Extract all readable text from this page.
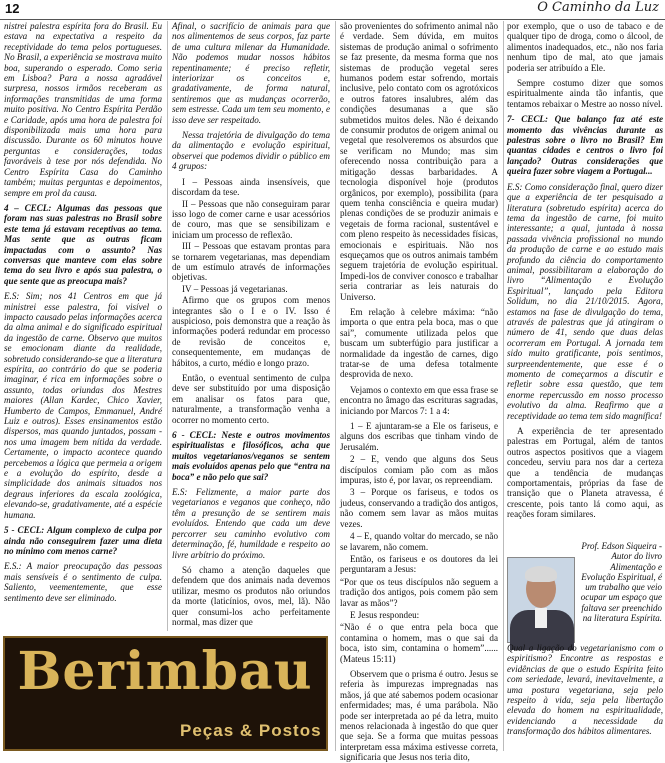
12	O Caminho da Luz

nistrei palestra espírita fora do Brasil. Eu estava na expectativa a respeito da receptividade do tema pelos portugueses. No Brasil, a experiência se mostrava muito boa, superando o esperado. Como seria em Lisboa? Para a nossa agradável surpresa, nossos irmãos receberam as informações transmitidas de uma forma muito positiva. No Centro Espírita Perdão e Caridade, após uma hora de palestra foi disponibilizada mais uma hora para discussão. Durante os 60 minutos houve perguntas e considerações, todas favoráveis à tese por nós defendida. No Centro Espírita Casa do Caminho também; muitas perguntas e depoimentos, sempre em prol da causa.

4 – CECL: Algumas das pessoas que foram nas suas palestras no Brasil sobre este tema já estavam receptivas ao tema. Mas sente que as outras ficam impactadas com o assunto? Nas conversas que manteve com elas sobre tema do seu livro e após sua palestra, o que sente que as preocupa mais?

E.S: Sim; nos 41 Centros em que já ministrei esse palestra, foi visível o impacto causado pelas informações acerca da alma animal e do significado espiritual da ingestão de carne. Observo que muitos se emocionam diante da realidade, sobretudo considerando-se que a literatura espírita, ao contrário do que se poderia imaginar, é rica em informações sobre o assunto, todas oriundas dos Mestres maiores (Allan Kardec, Chico Xavier, Humberto de Campos, Emmanuel, André Luiz e outros). Esses ensinamentos estão dispersos, mas quando juntados, possam - nos uma imagem bem nítida da verdade. Certamente, o impacto acontece quando percebemos a lógica que permeia a origem e a evolução do espírito, desde a simplicidade dos animais situados nos degraus inferiores da escala zoológica, elevando-se, gradativamente, até a espécie humana.

5 - CECL: Algum complexo de culpa por ainda não conseguirem fazer uma dieta no mínimo com menos carne?

E.S.: A maior preocupação das pessoas mais sensíveis é o sentimento de culpa. Saliento, veementemente, que esse sentimento deve ser eliminado.

Afinal, o sacrifício de animais para que nos alimentemos de seus corpos, faz parte de uma cultura milenar da Humanidade. Não podemos mudar nossos hábitos repentinamente; é preciso refletir, interiorizar os conceitos e, gradativamente, de forma natural, sentiremos que as mudanças ocorrerão, sem estresse. Cada um tem seu momento, e isso deve ser respeitado.

Nessa trajetória de divulgação do tema da alimentação e evolução espiritual, observei que podemos dividir o público em 4 grupos:

I – Pessoas ainda insensíveis, que discordam da tese.

II – Pessoas que não conseguiram parar isso logo de comer carne e usar acessórios de couro, mas que se sensibilizam e iniciam um processo de reflexão.

III – Pessoas que estavam prontas para se tornarem vegetarianas, mas dependiam de um estímulo através de informações objetivas.

IV – Pessoas já vegetarianas.

Afirmo que os grupos com menos integrantes são o I e o IV. Isso é auspicioso, pois demonstra que a reação às informações poderá redundar em processo de revisão de conceitos e, consequentemente, em mudanças de hábitos, a curto, médio e longo prazo.

Então, o eventual sentimento de culpa deve ser substituído por uma disposição em analisar os fatos para que, naturalmente, a transformação venha a ocorrer no momento certo.

6 - CECL: Neste e outros movimentos espiritualistas e filosóficos, acha que muitos vegetarianos/veganos se sentem mais evoluídos apenas pelo que “entra na boca” e não pelo que sai?

E.S: Felizmente, a maior parte dos vegetarianos e veganos que conheço, não têm a presunção de se sentirem mais evoluídos. Entendo que cada um deve percorrer seu caminho evolutivo com determinação, fé, humildade e respeito ao livre arbítrio do próximo.

Só chamo a atenção daqueles que defendem que dos animais nada devemos utilizar, mesmo os produtos não oriundos da morte (laticínios, ovos, mel, lã). Não quer consumi-los acho perfeitamente normal, mas dizer que

são provenientes do sofrimento animal não é verdade. Sem dúvida, em muitos sistemas de produção animal o sofrimento se faz presente, da mesma forma que nos sistemas de produção vegetal seres humanos podem estar sofrendo, mortais inclusive, pelo contato com os agrotóxicos e outros fatores insalubres, além das condições desumanas a que são submetidos muitos deles. Não é deixando de consumir produtos de origem animal ou vegetal que resolveremos os absurdos que se verificam no Mundo; mas sim oferecendo nossa contribuição para a mitigação dessas barbaridades. A tecnologia disponível hoje (produtos orgânicos, por exemplo), possibilita (para quem tenha consciência e queira mudar) plenas condições de se produzir animais e vegetais de forma racional, sustentável e com pleno respeito às necessidades físicas, emocionais e espirituais. Não nos esqueçamos que os outros animais também seguem trajetória de evolução espiritual. Impedi-los de conviver conosco e trabalhar seria contrariar as leis naturais do Universo.

Em relação à celebre máxima: “não importa o que entra pela boca, mas o que sai”, comumente utilizada pelos que buscam um subterfúgio para justificar a normalidade da ingestão de carnes, digo tratar-se de uma defesa totalmente desprovida de nexo.

Vejamos o contexto em que essa frase se encontra no âmago das escrituras sagradas, iniciando por Marcos 7: 1 a 4:

1 – E ajuntaram-se a Ele os fariseus, e alguns dos escribas que tinham vindo de Jerusalém.

2 – E, vendo que alguns dos Seus discípulos comiam pão com as mãos impuras, isto é, por lavar, os repreendiam.

3 – Porque os fariseus, e todos os judeus, conservando a tradição dos antigos, não comem sem lavar as mãos muitas vezes.

4 – E, quando voltar do mercado, se não se lavarem, não comem.

Então, os fariseus e os doutores da lei perguntaram a Jesus:

“Por que os teus discípulos não seguem a tradição dos antigos, pois comem pão sem lavar as mãos”?

E Jesus respondeu:

“Não é o que entra pela boca que contamina o homem, mas o que sai da boca, isto sim, contamina o homem”...... (Mateus 15:11)

Observem que o prisma é outro. Jesus se referia às impurezas impregnadas nas mãos, já que até sabemos podem ocasionar enfermidades; mas, é uma parábola. Não pode ser interpretada ao pé da letra, muito menos relacionada à ingestão do que quer que seja. Se a forma que muitas pessoas interpretam essa máxima estivesse correta, significaria que Jesus nos teria dito,

por exemplo, que o uso de tabaco e de qualquer tipo de droga, como o álcool, de alimentos inadequados, etc., não nos faria nenhum tipo de mal, ato que jamais poderia ser atribuído a Ele.

Sempre costumo dizer que somos espiritualmente ainda tão infantis, que tentamos rebaixar o Mestre ao nosso nível.

7- CECL: Que balanço faz até este momento das vivências durante as palestras sobre o livro no Brasil? Em quantas cidades e centros o livro foi lançado? Outras considerações que queira fazer sobre viagem a Portugal...

E.S: Como consideração final, quero dizer que a experiência de ter pesquisado a literatura (sobretudo espírita) acerca do tema da ingestão de carne, foi muito interessante; a qual, juntada à nossa passada vivência profissional no mundo da produção de carne e ao estudo mais profundo da ciência do comportamento animal, possibilitaram a elaboração do livro “Alimentação e Evolução Espiritual”, lançado pela Editora Solidum, no dia 21/10/2015. Agora, estamos na fase de divulgação do tema, através de palestras que já atingiram o número de 41, sendo que duas delas ocorreram em Portugal. A jornada tem sido muito gratificante, pois sentimos, surpreendentemente, que esse é o momento de começarmos a discutir e refletir sobre essa questão, que tem enorme repercussão em nosso processo evolutivo da alma. Reafirmo que a receptividade ao tema tem sido magnífica!

A experiência de ter apresentado palestras em Portugal, além de tantos outros aspectos positivos que a viagem concedeu, serviu para nos dar a certeza que a tendência de mudanças comportamentais, próprias da fase de transição que o Planeta atravessa, é crescente, pois tanto lá como aqui, as reações foram similares.

Prof. Edson Siqueira - Autor do livro Alimentação e Evolução Espiritual, é um trabalho que veio ocupar um espaço que faltava ser preenchido na literatura Espírita.
Qual a ligação do vegetarianismo com o espiritismo? Encontre as respostas e evidências de que o estudo Espírita feito com seriedade, levará, inevitavelmente, a uma postura vegetariana, seja pelo respeito à vida, seja pela libertação elevada do homem na espiritualidade, evidenciando a necessidade da transformação dos hábitos alimentares.
Berimbau
Peças & Postos
